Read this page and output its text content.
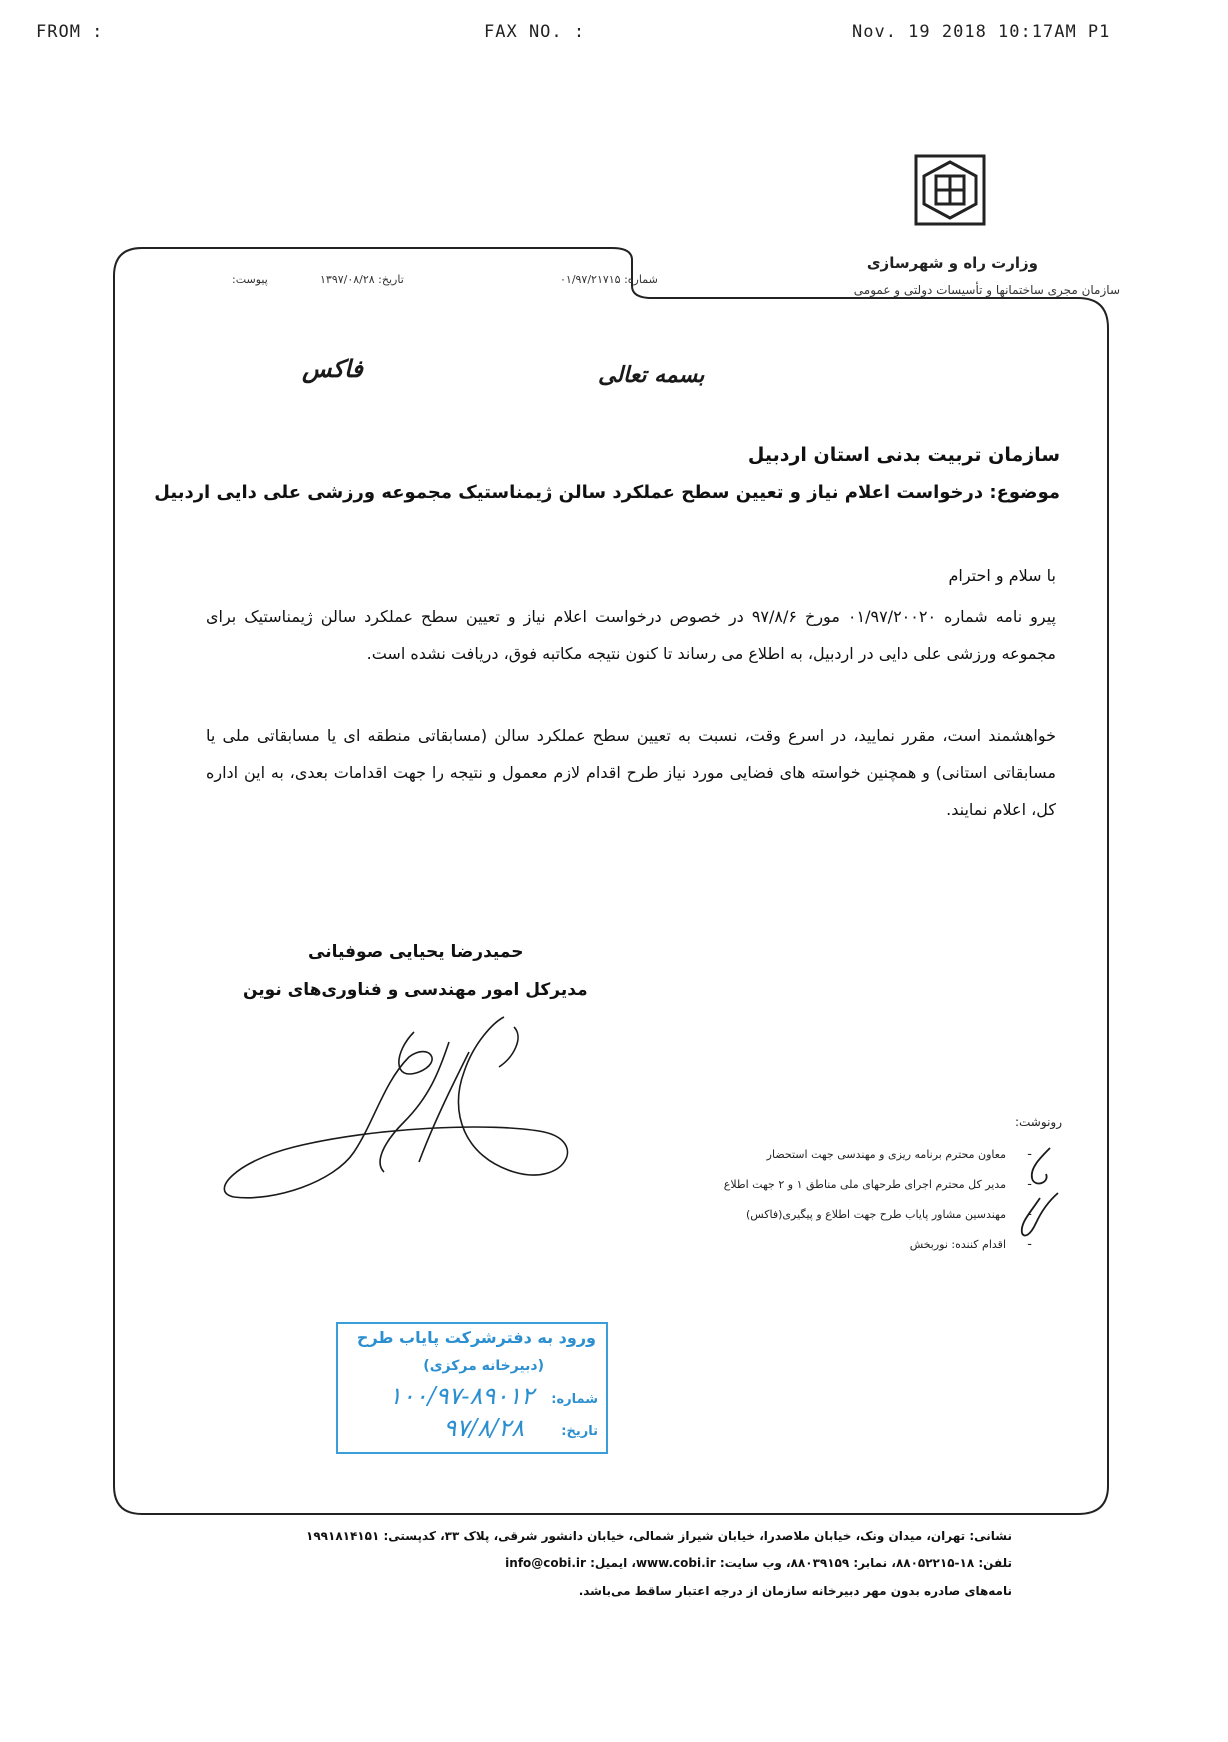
FROM :	FAX NO. :	Nov. 19 2018 10:17AM P1
وزارت راه و شهرسازی
سازمان مجری ساختمانها و تأسیسات دولتی و عمومی
شماره: ۰۱/۹۷/۲۱۷۱۵
تاریخ: ۱۳۹۷/۰۸/۲۸
پیوست:
بسمه تعالی
فاکس
سازمان تربیت بدنی استان اردبیل
موضوع: درخواست اعلام نیاز و تعیین سطح عملکرد سالن ژیمناستیک مجموعه ورزشی علی دایی اردبیل
با سلام و احترام
پیرو نامه شماره ۰۱/۹۷/۲۰۰۲۰ مورخ ۹۷/۸/۶ در خصوص درخواست اعلام نیاز و تعیین سطح عملکرد سالن ژیمناستیک برای مجموعه ورزشی علی دایی در اردبیل، به اطلاع می رساند تا کنون نتیجه مکاتبه فوق، دریافت نشده است.
خواهشمند است، مقرر نمایید، در اسرع وقت، نسبت به تعیین سطح عملکرد سالن (مسابقاتی منطقه ای یا مسابقاتی ملی یا مسابقاتی استانی) و همچنین خواسته های فضایی مورد نیاز طرح اقدام لازم معمول و نتیجه را جهت اقدامات بعدی، به این اداره کل، اعلام نمایند.
حمیدرضا یحیایی صوفیانی
مدیرکل امور مهندسی و فناوری‌های نوین
رونوشت:
- معاون محترم برنامه ریزی و مهندسی جهت استحضار
- مدیر کل محترم اجرای طرحهای ملی مناطق ۱ و ۲ جهت اطلاع
- مهندسین مشاور پایاب طرح جهت اطلاع و پیگیری(فاکس)
- اقدام کننده: نوربخش
ورود به دفترشرکت پایاب طرح
(دبیرخانه مرکزی)
شماره:
۱۰۰/۹۷-۸۹۰۱۲
تاریخ:
۹۷/۸/۲۸
نشانی: تهران، میدان ونک، خیابان ملاصدرا، خیابان شیراز شمالی، خیابان دانشور شرقی، پلاک ۳۳، کدپستی: ۱۹۹۱۸۱۴۱۵۱
تلفن: ۱۸-۸۸۰۵۲۲۱۵، نمابر: ۸۸۰۳۹۱۵۹، وب سایت: www.cobi.ir، ایمیل: info@cobi.ir
نامه‌های صادره بدون مهر دبیرخانه سازمان از درجه اعتبار ساقط می‌باشد.
